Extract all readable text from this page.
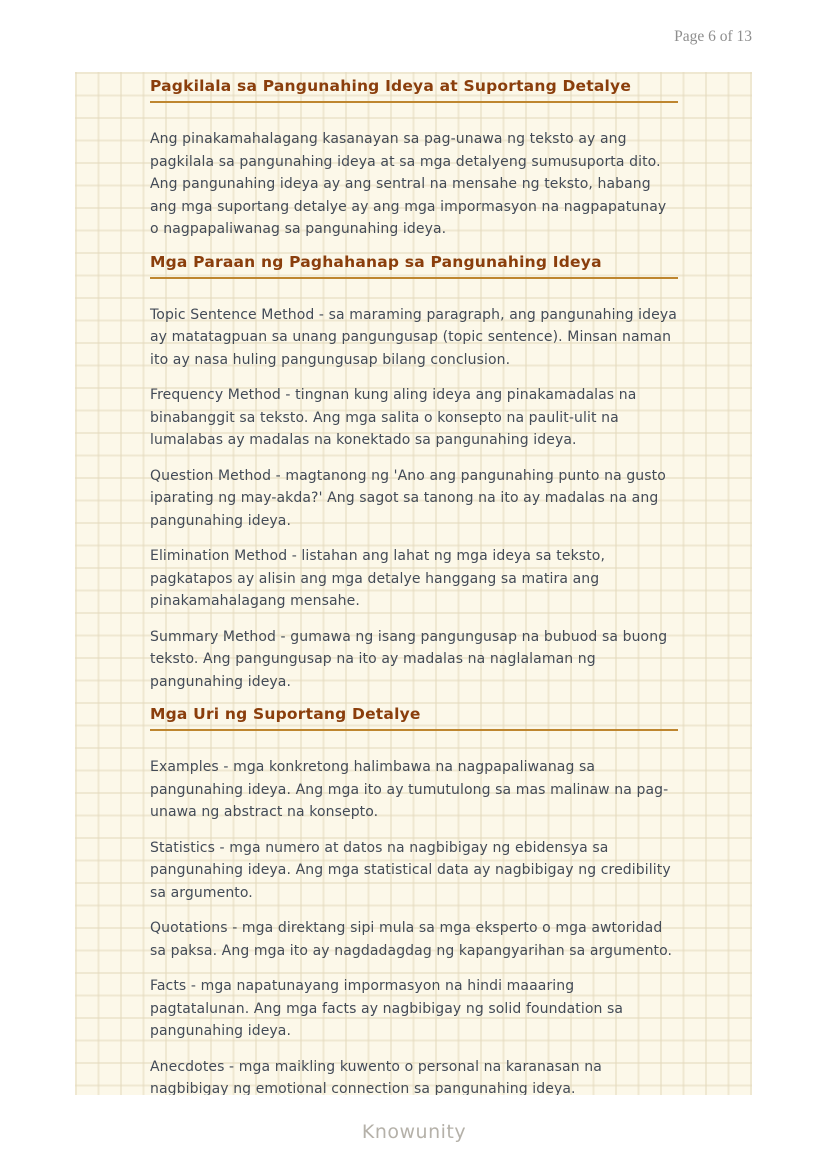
Page 6 of 13
Pagkilala sa Pangunahing Ideya at Suportang Detalye

Ang pinakamahalagang kasanayan sa pag-unawa ng teksto ay ang pagkilala sa pangunahing ideya at sa mga detalyeng sumusuporta dito. Ang pangunahing ideya ay ang sentral na mensahe ng teksto, habang ang mga suportang detalye ay ang mga impormasyon na nagpapatunay o nagpapaliwanag sa pangunahing ideya.

Mga Paraan ng Paghahanap sa Pangunahing Ideya

Topic Sentence Method - sa maraming paragraph, ang pangunahing ideya ay matatagpuan sa unang pangungusap (topic sentence). Minsan naman ito ay nasa huling pangungusap bilang conclusion.

Frequency Method - tingnan kung aling ideya ang pinakamadalas na binabanggit sa teksto. Ang mga salita o konsepto na paulit-ulit na lumalabas ay madalas na konektado sa pangunahing ideya.

Question Method - magtanong ng 'Ano ang pangunahing punto na gusto iparating ng may-akda?' Ang sagot sa tanong na ito ay madalas na ang pangunahing ideya.

Elimination Method - listahan ang lahat ng mga ideya sa teksto, pagkatapos ay alisin ang mga detalye hanggang sa matira ang pinakamahalagang mensahe.

Summary Method - gumawa ng isang pangungusap na bubuod sa buong teksto. Ang pangungusap na ito ay madalas na naglalaman ng pangunahing ideya.

Mga Uri ng Suportang Detalye

Examples - mga konkretong halimbawa na nagpapaliwanag sa pangunahing ideya. Ang mga ito ay tumutulong sa mas malinaw na pag-unawa ng abstract na konsepto.

Statistics - mga numero at datos na nagbibigay ng ebidensya sa pangunahing ideya. Ang mga statistical data ay nagbibigay ng credibility sa argumento.

Quotations - mga direktang sipi mula sa mga eksperto o mga awtoridad sa paksa. Ang mga ito ay nagdadagdag ng kapangyarihan sa argumento.

Facts - mga napatunayang impormasyon na hindi maaaring pagtatalunan. Ang mga facts ay nagbibigay ng solid foundation sa pangunahing ideya.

Anecdotes - mga maikling kuwento o personal na karanasan na nagbibigay ng emotional connection sa pangunahing ideya.

Knowunity
